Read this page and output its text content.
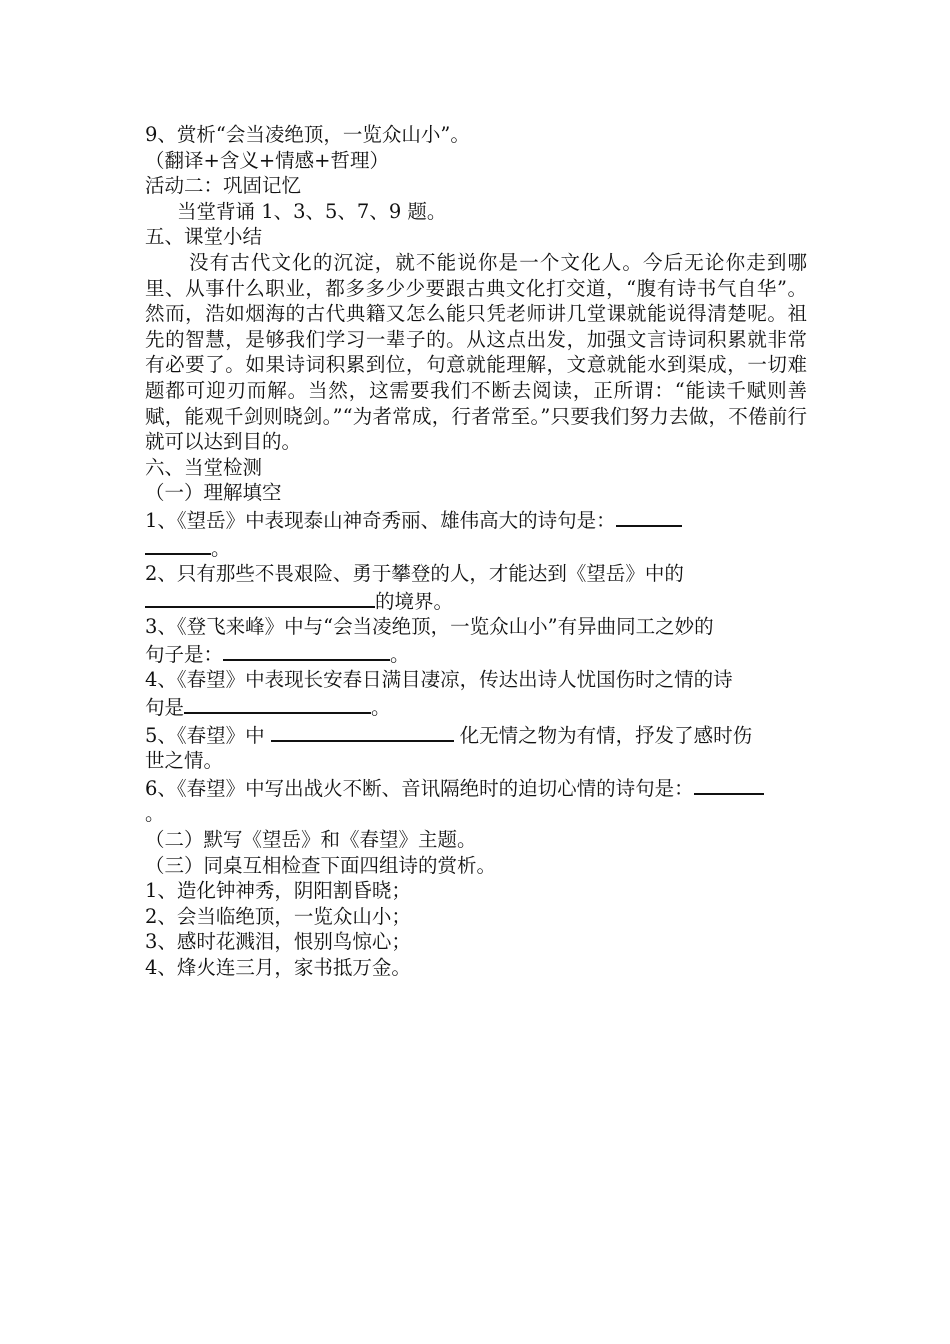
9、赏析“会当凌绝顶，一览众山小”。
（翻译+含义+情感+哲理）
活动二：巩固记忆
当堂背诵 1、3、5、7、9 题。
五、课堂小结

没有古代文化的沉淀，就不能说你是一个文化人。今后无论你走到哪里、从事什么职业，都多多少少要跟古典文化打交道，“腹有诗书气自华”。然而，浩如烟海的古代典籍又怎么能只凭老师讲几堂课就能说得清楚呢。祖先的智慧，是够我们学习一辈子的。从这点出发，加强文言诗词积累就非常有必要了。如果诗词积累到位，句意就能理解，文意就能水到渠成，一切难题都可迎刃而解。当然，这需要我们不断去阅读，正所谓：“能读千赋则善赋，能观千剑则晓剑。”“为者常成，行者常至。”只要我们努力去做，不倦前行就可以达到目的。

六、当堂检测
（一）理解填空
1、《望岳》中表现泰山神奇秀丽、雄伟高大的诗句是：
。
2、只有那些不畏艰险、勇于攀登的人，才能达到《望岳》中的
的境界。
3、《登飞来峰》中与“会当凌绝顶，一览众山小”有异曲同工之妙的
句子是：	。
4、《春望》中表现长安春日满目凄凉，传达出诗人忧国伤时之情的诗
句是	。
5、《春望》中	化无情之物为有情，抒发了感时伤
世之情。
6、《春望》中写出战火不断、音讯隔绝时的迫切心情的诗句是：
。
（二）默写《望岳》和《春望》主题。
（三）同桌互相检查下面四组诗的赏析。
1、造化钟神秀，阴阳割昏晓；
2、会当临绝顶，一览众山小；
3、感时花溅泪，恨别鸟惊心；
4、烽火连三月，家书抵万金。
